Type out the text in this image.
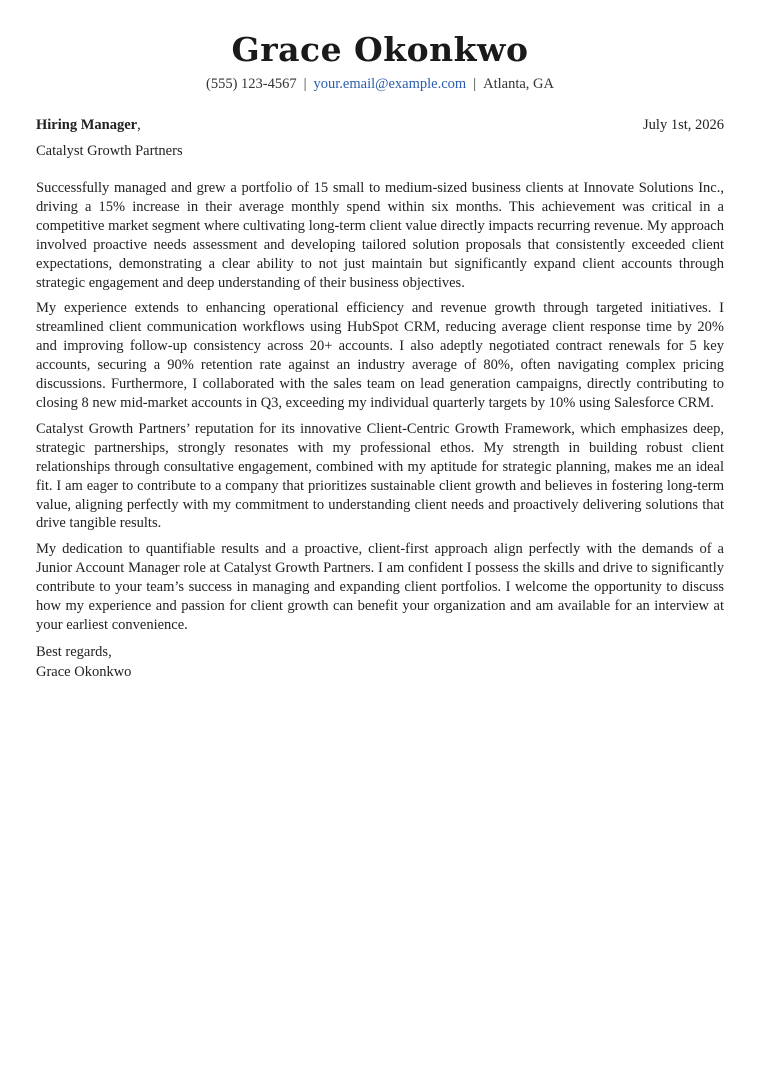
Grace Okonkwo
(555) 123-4567 | your.email@example.com | Atlanta, GA
Hiring Manager,	July 1st, 2026
Catalyst Growth Partners

Successfully managed and grew a portfolio of 15 small to medium-sized business clients at Innovate Solutions Inc., driving a 15% increase in their average monthly spend within six months. This achievement was critical in a competitive market segment where cultivating long-term client value directly impacts recurring revenue. My approach involved proactive needs assessment and developing tailored solution proposals that consistently exceeded client expectations, demonstrating a clear ability to not just maintain but significantly expand client accounts through strategic engagement and deep understanding of their business objectives.

My experience extends to enhancing operational efficiency and revenue growth through targeted initiatives. I streamlined client communication workflows using HubSpot CRM, reducing average client response time by 20% and improving follow-up consistency across 20+ accounts. I also adeptly negotiated contract renewals for 5 key accounts, securing a 90% retention rate against an industry average of 80%, often navigating complex pricing discussions. Furthermore, I collaborated with the sales team on lead generation campaigns, directly contributing to closing 8 new mid-market accounts in Q3, exceeding my individual quarterly targets by 10% using Salesforce CRM.

Catalyst Growth Partners’ reputation for its innovative Client-Centric Growth Framework, which emphasizes deep, strategic partnerships, strongly resonates with my professional ethos. My strength in building robust client relationships through consultative engagement, combined with my aptitude for strategic planning, makes me an ideal fit. I am eager to contribute to a company that prioritizes sustainable client growth and believes in fostering long-term value, aligning perfectly with my commitment to understanding client needs and proactively delivering solutions that drive tangible results.

My dedication to quantifiable results and a proactive, client-first approach align perfectly with the demands of a Junior Account Manager role at Catalyst Growth Partners. I am confident I possess the skills and drive to significantly contribute to your team’s success in managing and expanding client portfolios. I welcome the opportunity to discuss how my experience and passion for client growth can benefit your organization and am available for an interview at your earliest convenience.

Best regards,
Grace Okonkwo
